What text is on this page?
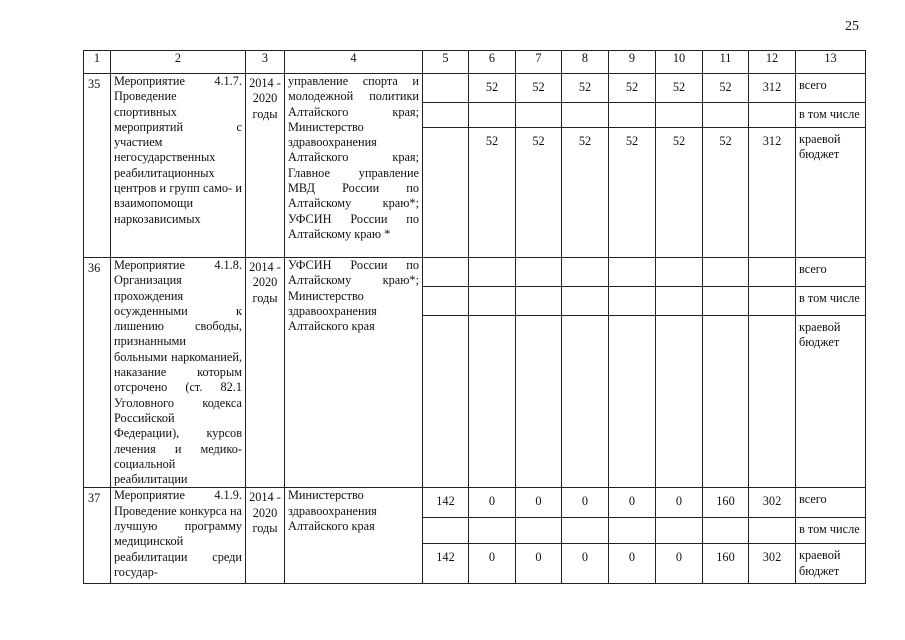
25
1	2	3	4	5	6	7	8	9	10	11	12	13
35	Мероприятие 4.1.7. Проведение спортивных мероприятий с участием негосударственных реабилитационных центров и групп само- и взаимопомощи наркозависимых	2014 - 2020 годы	управление спорта и молодежной политики Алтайского края; Министерство здравоохранения Алтайского края; Главное управление МВД России по Алтайскому краю*; УФСИН России по Алтайскому краю *		52	52	52	52	52	52	312	всего
												в том числе
					52	52	52	52	52	52	312	краевой бюджет
36	Мероприятие 4.1.8. Организация прохождения осужденными к лишению свободы, признанными больными наркоманией, наказание которым отсрочено (ст. 82.1 Уголовного кодекса Российской Федерации), курсов лечения и медико-социальной реабилитации	2014 - 2020 годы	УФСИН России по Алтайскому краю*; Министерство здравоохранения Алтайского края									всего
												в том числе
												краевой бюджет
37	Мероприятие 4.1.9. Проведение конкурса на лучшую программу медицинской реабилитации среди государ-	2014 - 2020 годы	Министерство здравоохранения Алтайского края	142	0	0	0	0	0	160	302	всего
												в том числе
				142	0	0	0	0	0	160	302	краевой бюджет
